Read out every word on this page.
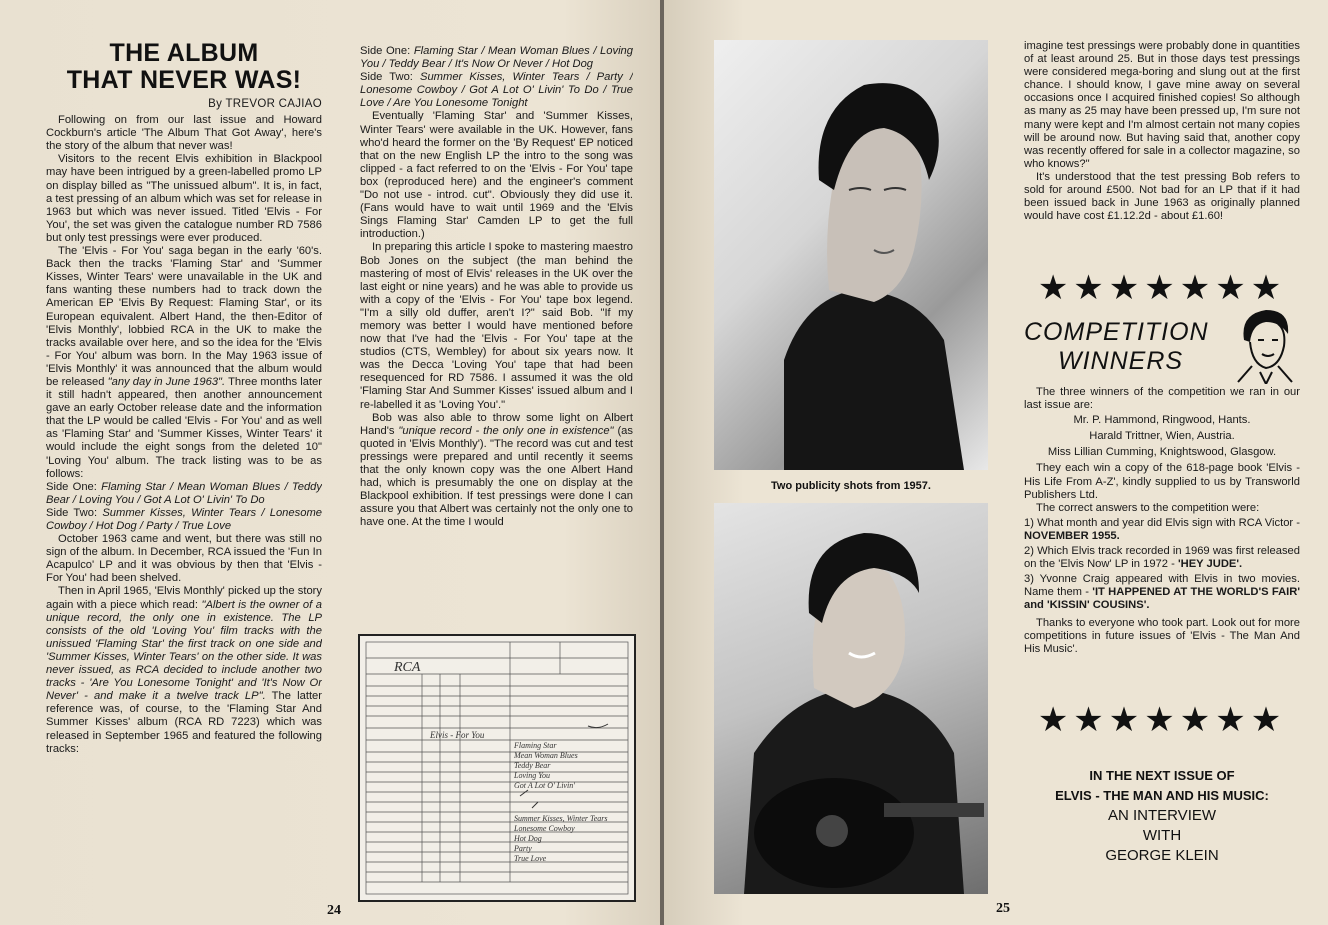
THE ALBUM
THAT NEVER WAS!
By TREVOR CAJIAO

Following on from our last issue and Howard Cockburn's article 'The Album That Got Away', here's the story of the album that never was!

Visitors to the recent Elvis exhibition in Blackpool may have been intrigued by a green-labelled promo LP on display billed as "The unissued album". It is, in fact, a test pressing of an album which was set for release in 1963 but which was never issued. Titled 'Elvis - For You', the set was given the catalogue number RD 7586 but only test pressings were ever produced.

The 'Elvis - For You' saga began in the early '60's. Back then the tracks 'Flaming Star' and 'Summer Kisses, Winter Tears' were unavailable in the UK and fans wanting these numbers had to track down the American EP 'Elvis By Request: Flaming Star', or its European equivalent. Albert Hand, the then-Editor of 'Elvis Monthly', lobbied RCA in the UK to make the tracks available over here, and so the idea for the 'Elvis - For You' album was born. In the May 1963 issue of 'Elvis Monthly' it was announced that the album would be released "any day in June 1963". Three months later it still hadn't appeared, then another announcement gave an early October release date and the information that the LP would be called 'Elvis - For You' and as well as 'Flaming Star' and 'Summer Kisses, Winter Tears' it would include the eight songs from the deleted 10" 'Loving You' album. The track listing was to be as follows:

Side One: Flaming Star / Mean Woman Blues / Teddy Bear / Loving You / Got A Lot O' Livin' To Do

Side Two: Summer Kisses, Winter Tears / Lonesome Cowboy / Hot Dog / Party / True Love

October 1963 came and went, but there was still no sign of the album. In December, RCA issued the 'Fun In Acapulco' LP and it was obvious by then that 'Elvis - For You' had been shelved.

Then in April 1965, 'Elvis Monthly' picked up the story again with a piece which read: "Albert is the owner of a unique record, the only one in existence. The LP consists of the old 'Loving You' film tracks with the unissued 'Flaming Star' the first track on one side and 'Summer Kisses, Winter Tears' on the other side. It was never issued, as RCA decided to include another two tracks - 'Are You Lonesome Tonight' and 'It's Now Or Never' - and make it a twelve track LP". The latter reference was, of course, to the 'Flaming Star And Summer Kisses' album (RCA RD 7223) which was released in September 1965 and featured the following tracks:

Side One: Flaming Star / Mean Woman Blues / Loving You / Teddy Bear / It's Now Or Never / Hot Dog

Side Two: Summer Kisses, Winter Tears / Party / Lonesome Cowboy / Got A Lot O' Livin' To Do / True Love / Are You Lonesome Tonight

Eventually 'Flaming Star' and 'Summer Kisses, Winter Tears' were available in the UK. However, fans who'd heard the former on the 'By Request' EP noticed that on the new English LP the intro to the song was clipped - a fact referred to on the 'Elvis - For You' tape box (reproduced here) and the engineer's comment "Do not use - introd. cut". Obviously they did use it. (Fans would have to wait until 1969 and the 'Elvis Sings Flaming Star' Camden LP to get the full introduction.)

In preparing this article I spoke to mastering maestro Bob Jones on the subject (the man behind the mastering of most of Elvis' releases in the UK over the last eight or nine years) and he was able to provide us with a copy of the 'Elvis - For You' tape box legend. "I'm a silly old duffer, aren't I?" said Bob. "If my memory was better I would have mentioned before now that I've had the 'Elvis - For You' tape at the studios (CTS, Wembley) for about six years now. It was the Decca 'Loving You' tape that had been resequenced for RD 7586. I assumed it was the old 'Flaming Star And Summer Kisses' issued album and I re-labelled it as 'Loving You'."

Bob was also able to throw some light on Albert Hand's "unique record - the only one in existence" (as quoted in 'Elvis Monthly'). "The record was cut and test pressings were prepared and until recently it seems that the only known copy was the one Albert Hand had, which is presumably the one on display at the Blackpool exhibition. If test pressings were done I can assure you that Albert was certainly not the only one to have one. At the time I would

RCA
Elvis - For You
Flaming Star
Mean Woman Blues
Teddy Bear
Loving You
Got A Lot O' Livin'
Summer Kisses, Winter Tears
Lonesome Cowboy
Hot Dog
Party
True Love
24
Two publicity shots from 1957.

imagine test pressings were probably done in quantities of at least around 25. But in those days test pressings were considered mega-boring and slung out at the first chance. I should know, I gave mine away on several occasions once I acquired finished copies! So although as many as 25 may have been pressed up, I'm sure not many were kept and I'm almost certain not many copies will be around now. But having said that, another copy was recently offered for sale in a collector magazine, so who knows?"

It's understood that the test pressing Bob refers to sold for around £500. Not bad for an LP that if it had been issued back in June 1963 as originally planned would have cost £1.12.2d - about £1.60!

★★★★★★★
COMPETITION
WINNERS

The three winners of the competition we ran in our last issue are:

Mr. P. Hammond, Ringwood, Hants.

Harald Trittner, Wien, Austria.

Miss Lillian Cumming, Knightswood, Glasgow.

They each win a copy of the 618-page book 'Elvis - His Life From A-Z', kindly supplied to us by Transworld Publishers Ltd.

The correct answers to the competition were:

1) What month and year did Elvis sign with RCA Victor - NOVEMBER 1955.

2) Which Elvis track recorded in 1969 was first released on the 'Elvis Now' LP in 1972 - 'HEY JUDE'.

3) Yvonne Craig appeared with Elvis in two movies. Name them - 'IT HAPPENED AT THE WORLD'S FAIR' and 'KISSIN' COUSINS'.

Thanks to everyone who took part. Look out for more competitions in future issues of 'Elvis - The Man And His Music'.

★★★★★★★
IN THE NEXT ISSUE OF
ELVIS - THE MAN AND HIS MUSIC:
AN INTERVIEW
WITH
GEORGE KLEIN
25
